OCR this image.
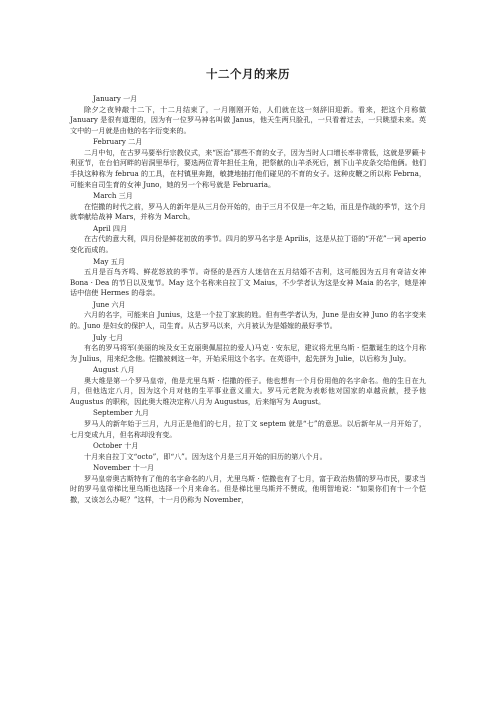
十二个月的来历

January 一月

除夕之夜钟敲十二下，十二月结束了，一月刚刚开始，人们就在这一刻辞旧迎新。看来，把这个月称做 January 是很有道理的，因为有一位罗马神名叫做 Janus，他天生两只脸孔，一只看着过去，一只眺望未来。英文中的一月就是由他的名字衍变来的。

February 二月

二月中旬，在古罗马要举行宗教仪式，来“医治”那些不育的女子，因为当时人口增长率非常低，这就是罗籁卡利亚节，在台伯河畔的岩洞里举行，要选两位青年担任主角，把祭献的山羊杀死后，割下山羊皮条交给他俩。他们手执这种称为 februa 的工具，在村镇里奔跑，敏捷地抽打他们碰见的不育的女子。这种皮鞭之所以称 Febrna，可能来自司生育的女神 Juno，她的另一个称号就是 Februaria。

March 三月

在恺撒的时代之前，罗马人的新年是从三月份开始的，由于三月不仅是一年之始，而且是作战的季节，这个月就奉献给战神 Mars，并称为 March。

April 四月

在古代的意大利，四月份是鲜花初放的季节。四月的罗马名字是 Aprilis，这是从拉丁语的“开花”一词 aperio 变化而成的。

May 五月

五月是百鸟齐鸣、鲜花怒放的季节。奇怪的是西方人迷信在五月结婚不吉利，这可能因为五月有奇洁女神 Bona · Dea 的节日以及鬼节。May 这个名称来自拉丁文 Maius，不少学者认为这是女神 Maia 的名字，她是神话中信使 Hermes 的母亲。

June 六月

六月的名字，可能来自 Junius，这是一个拉丁家族的姓。但有些学者认为，June 是由女神 Juno 的名字变来的。Juno 是妇女的保护人，司生育。从古罗马以来，六月被认为是婚嫁的最好季节。

July 七月

有名的罗马将军(美丽的埃及女王克丽奥佩屈拉的爱人)马克 · 安东尼，建议将尤里乌斯 · 恺撒诞生的这个月称为 Julius，用来纪念他。恺撒被刺这一年，开始采用这个名字。在英语中，起先拼为 Julie，以后称为 July。

August 八月

奥大维是第一个罗马皇帝，他是尤里乌斯 · 恺撒的侄子。他也想有一个月份用他的名字命名。他的生日在九月，但他选定八月，因为这个月对他的生平事业意义重大。罗马元老院为表彰他对国家的卓越贡献，授予他 Augustus 的职称，因此奥大维决定称八月为 Augustus，后来缩写为 August。

September 九月

罗马人的新年始于三月，九月正是他们的七月，拉丁文 septem 就是“七”的意思。以后新年从一月开始了，七月变成九月，但名称却没有变。

October 十月

十月来自拉丁文“octo”，即“八”。因为这个月是三月开始的旧历的第八个月。

November 十一月

罗马皇帝奥古斯特有了他的名字命名的八月，尤里乌斯 · 恺撒也有了七月，富于政治热情的罗马市民，要求当时的罗马皇帝梯比里乌斯也选择一个月来命名。但是梯比里乌斯并不赞成，他明智地说：“如果你们有十一个恺撒，又该怎么办呢？”这样，十一月仍称为 November，
